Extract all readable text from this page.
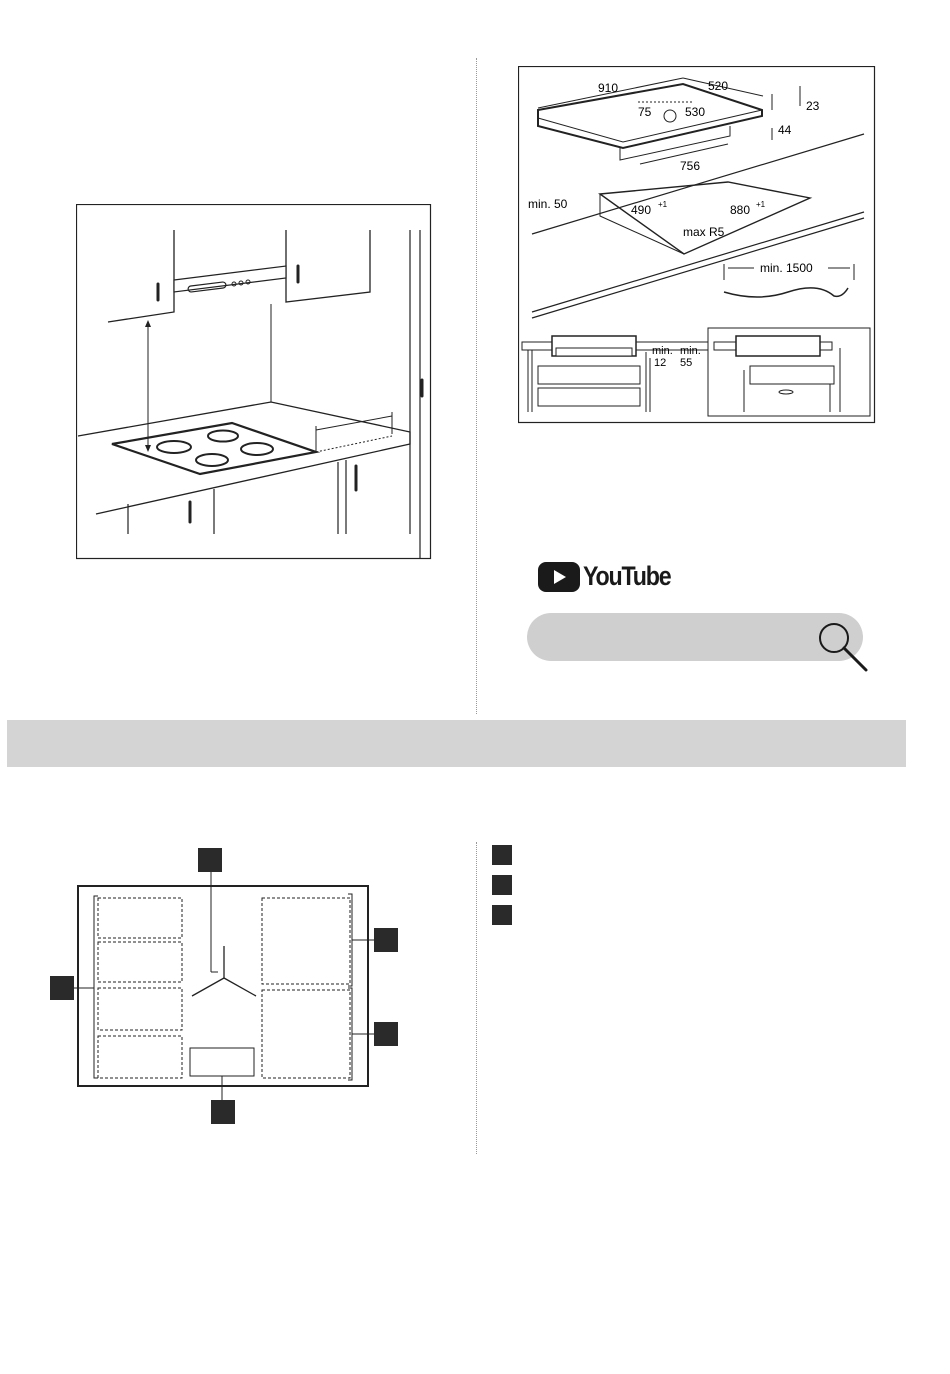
910	520
75	530	23
44
756
min. 50	490 +1	880 +1
max R5
min. 1500
min. min.
12 55
YouTube
